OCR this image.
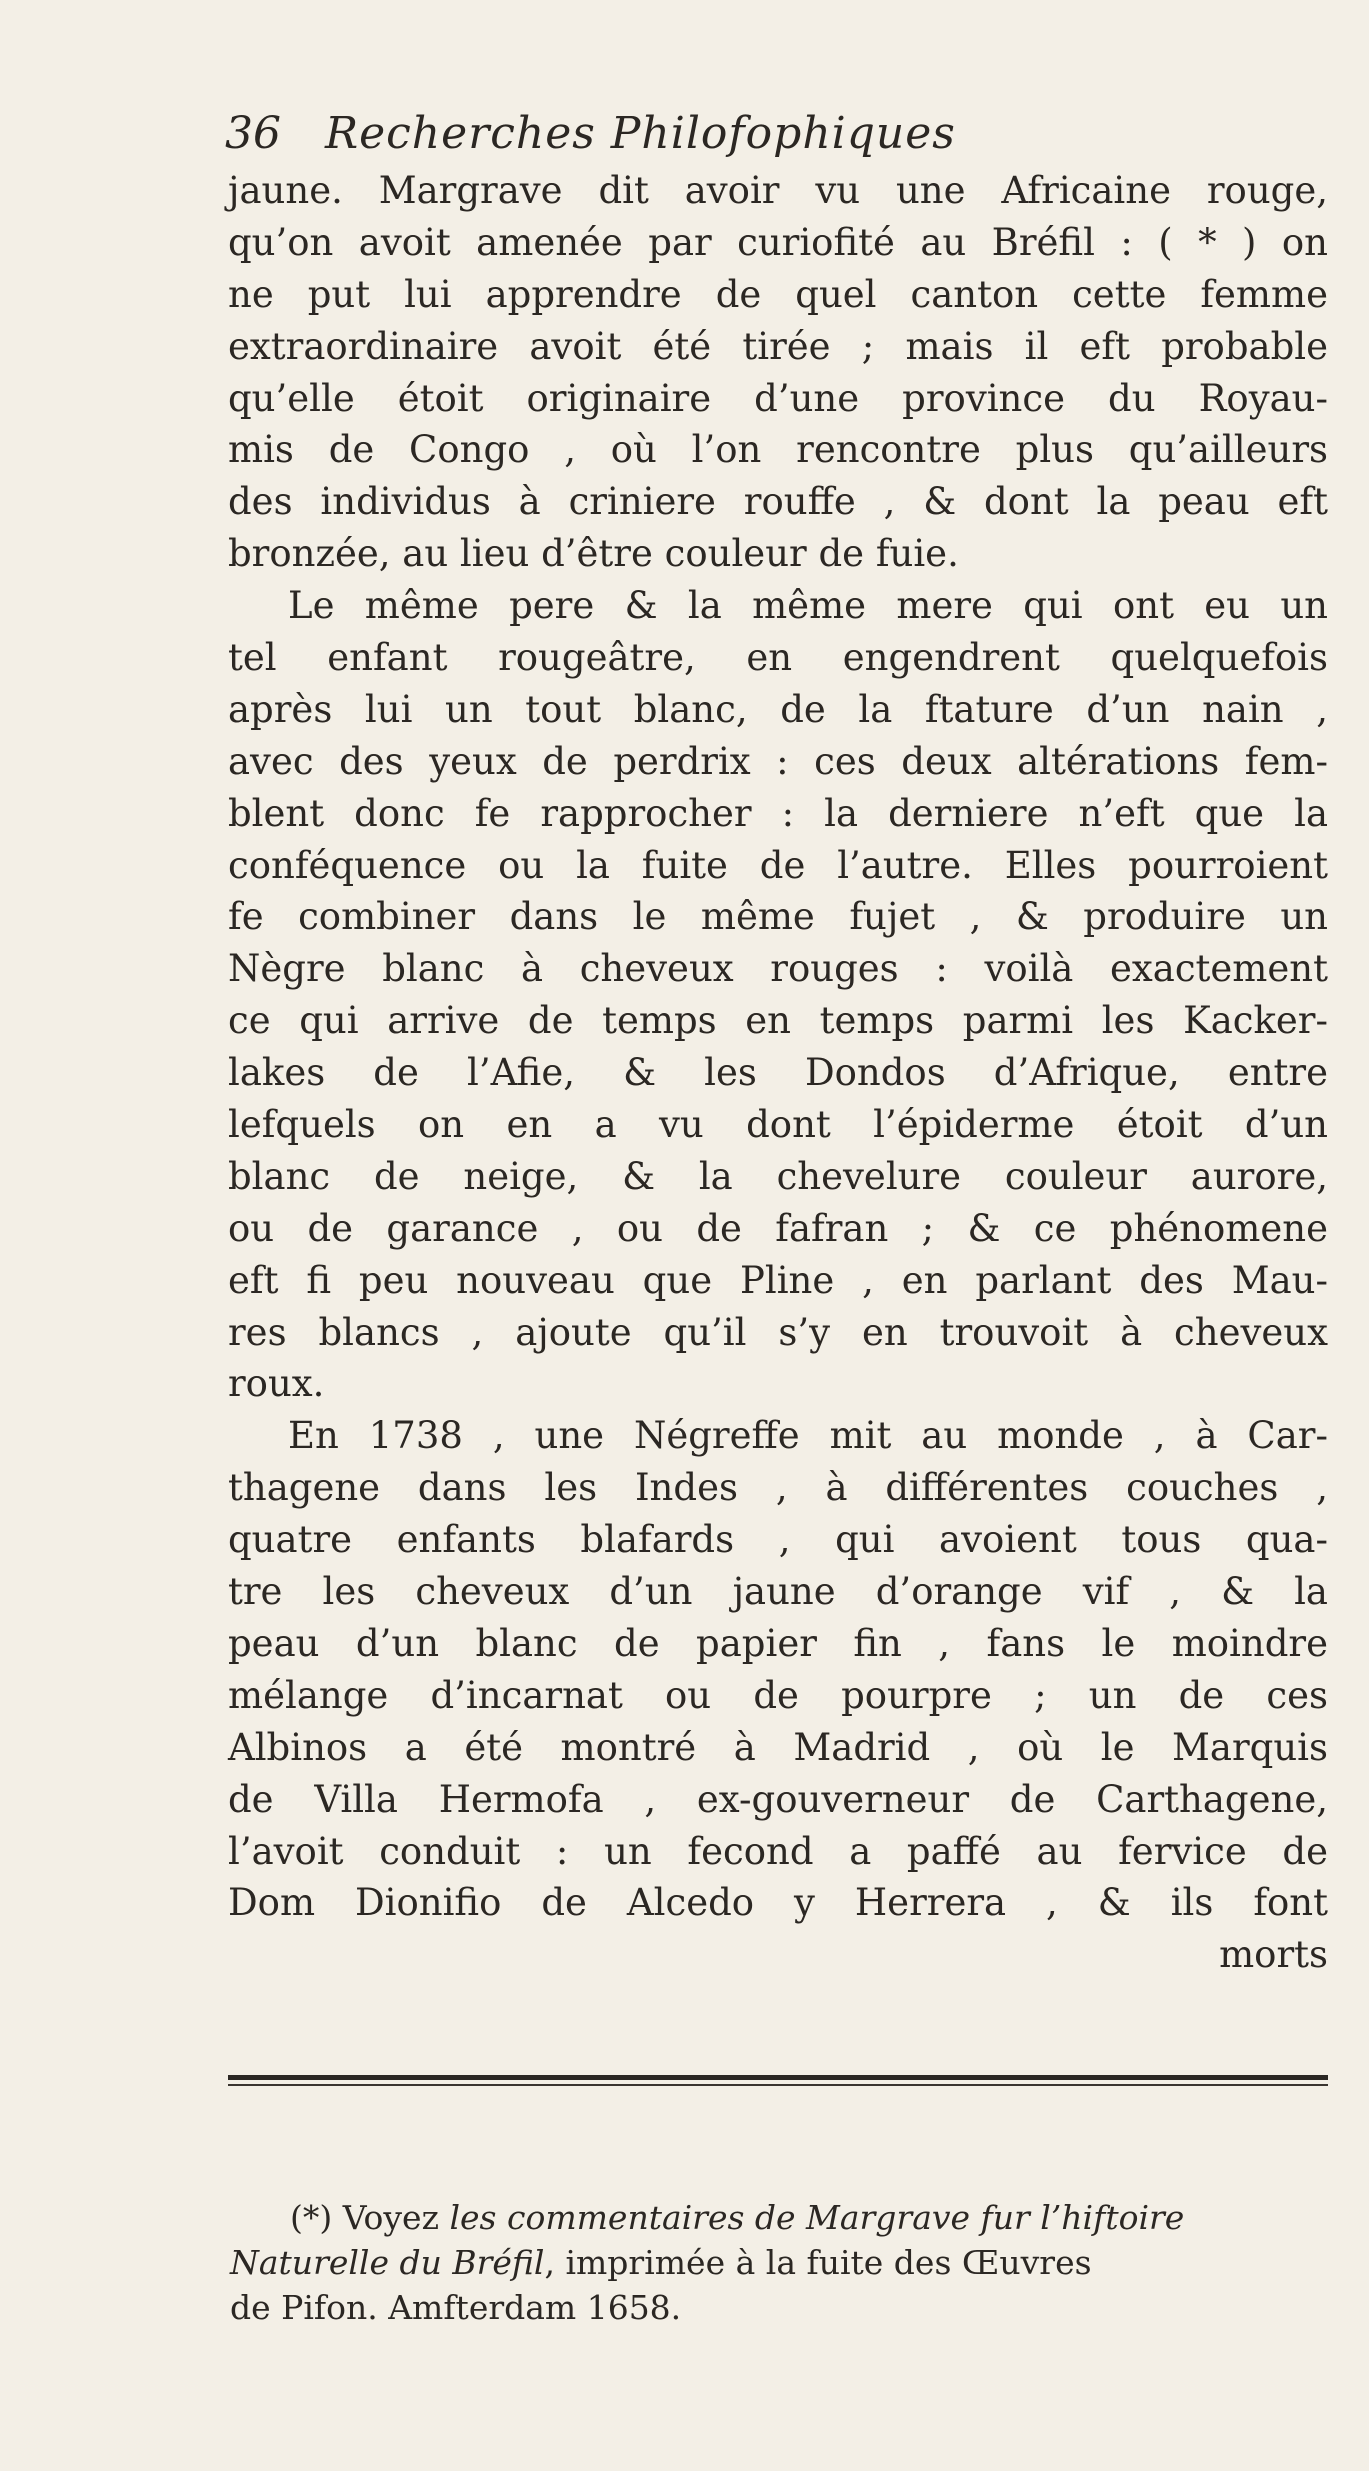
36 Recherches Philofophiques
jaune. Margrave dit avoir vu une Africaine rouge,
qu’on avoit amenée par curiofité au Bréfil : ( * ) on
ne put lui apprendre de quel canton cette femme
extraordinaire avoit été tirée ; mais il eft probable
qu’elle étoit originaire d’une province du Royau-
mis de Congo , où l’on rencontre plus qu’ailleurs
des individus à criniere rouffe , & dont la peau eft
bronzée, au lieu d’être couleur de fuie.
Le même pere & la même mere qui ont eu un
tel enfant rougeâtre, en engendrent quelquefois
après lui un tout blanc, de la ftature d’un nain ,
avec des yeux de perdrix : ces deux altérations fem-
blent donc fe rapprocher : la derniere n’eft que la
conféquence ou la fuite de l’autre. Elles pourroient
fe combiner dans le même fujet , & produire un
Nègre blanc à cheveux rouges : voilà exactement
ce qui arrive de temps en temps parmi les Kacker-
lakes de l’Afie, & les Dondos d’Afrique, entre
lefquels on en a vu dont l’épiderme étoit d’un
blanc de neige, & la chevelure couleur aurore,
ou de garance , ou de fafran ; & ce phénomene
eft fi peu nouveau que Pline , en parlant des Mau-
res blancs , ajoute qu’il s’y en trouvoit à cheveux
roux.
En 1738 , une Négreffe mit au monde , à Car-
thagene dans les Indes , à différentes couches ,
quatre enfants blafards , qui avoient tous qua-
tre les cheveux d’un jaune d’orange vif , & la
peau d’un blanc de papier fin , fans le moindre
mélange d’incarnat ou de pourpre ; un de ces
Albinos a été montré à Madrid , où le Marquis
de Villa Hermofa , ex-gouverneur de Carthagene,
l’avoit conduit : un fecond a paffé au fervice de
Dom Dionifio de Alcedo y Herrera , & ils font
morts
(*) Voyez les commentaires de Margrave fur l’hiftoire
Naturelle du Bréfil, imprimée à la fuite des Œuvres
de Pifon. Amfterdam 1658.
